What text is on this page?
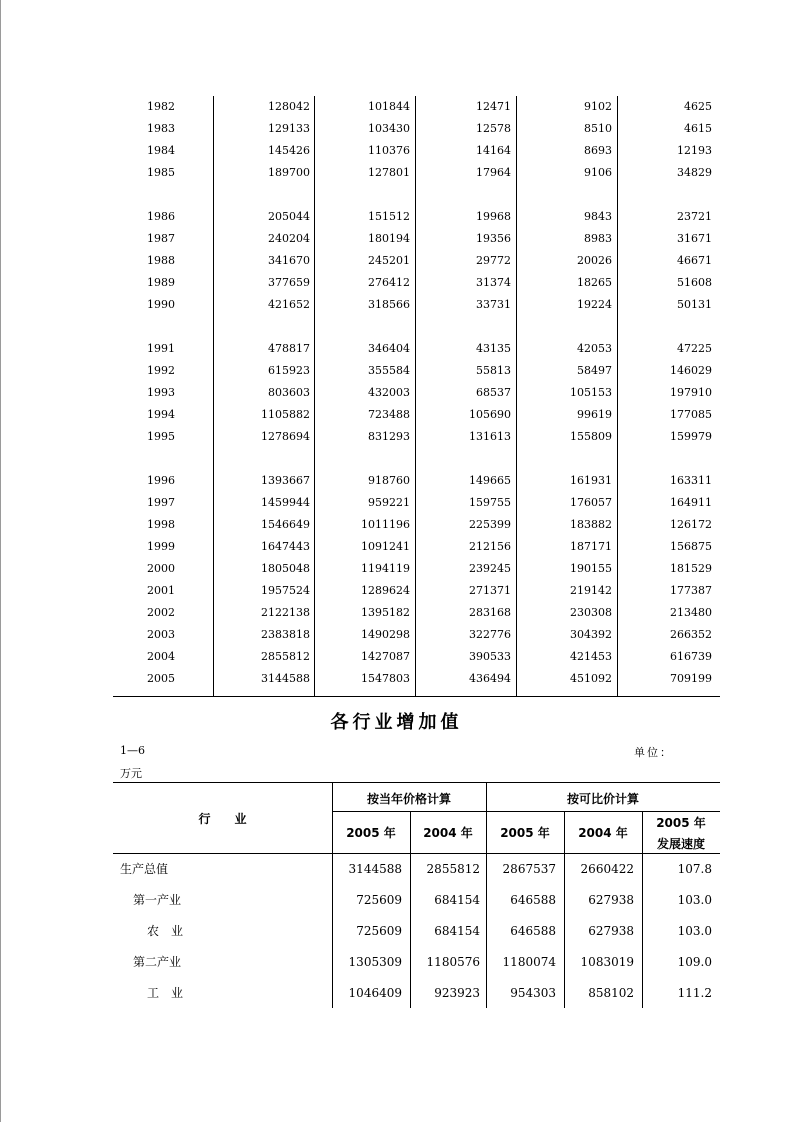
1982	128042	101844	12471	9102	4625
1983	129133	103430	12578	8510	4615
1984	145426	110376	14164	8693	12193
1985	189700	127801	17964	9106	34829
1986	205044	151512	19968	9843	23721
1987	240204	180194	19356	8983	31671
1988	341670	245201	29772	20026	46671
1989	377659	276412	31374	18265	51608
1990	421652	318566	33731	19224	50131
1991	478817	346404	43135	42053	47225
1992	615923	355584	55813	58497	146029
1993	803603	432003	68537	105153	197910
1994	1105882	723488	105690	99619	177085
1995	1278694	831293	131613	155809	159979
1996	1393667	918760	149665	161931	163311
1997	1459944	959221	159755	176057	164911
1998	1546649	1011196	225399	183882	126172
1999	1647443	1091241	212156	187171	156875
2000	1805048	1194119	239245	190155	181529
2001	1957524	1289624	271371	219142	177387
2002	2122138	1395182	283168	230308	213480
2003	2383818	1490298	322776	304392	266352
2004	2855812	1427087	390533	421453	616739
2005	3144588	1547803	436494	451092	709199
各行业增加值
1—6	单位：
万元
行　　业
按当年价格计算	按可比价计算
2005 年	2004 年	2005 年	2004 年
2005 年
发展速度
生产总值	3144588	2855812	2867537	2660422	107.8
第一产业	725609	684154	646588	627938	103.0
农　业	725609	684154	646588	627938	103.0
第二产业	1305309	1180576	1180074	1083019	109.0
工　业	1046409	923923	954303	858102	111.2
